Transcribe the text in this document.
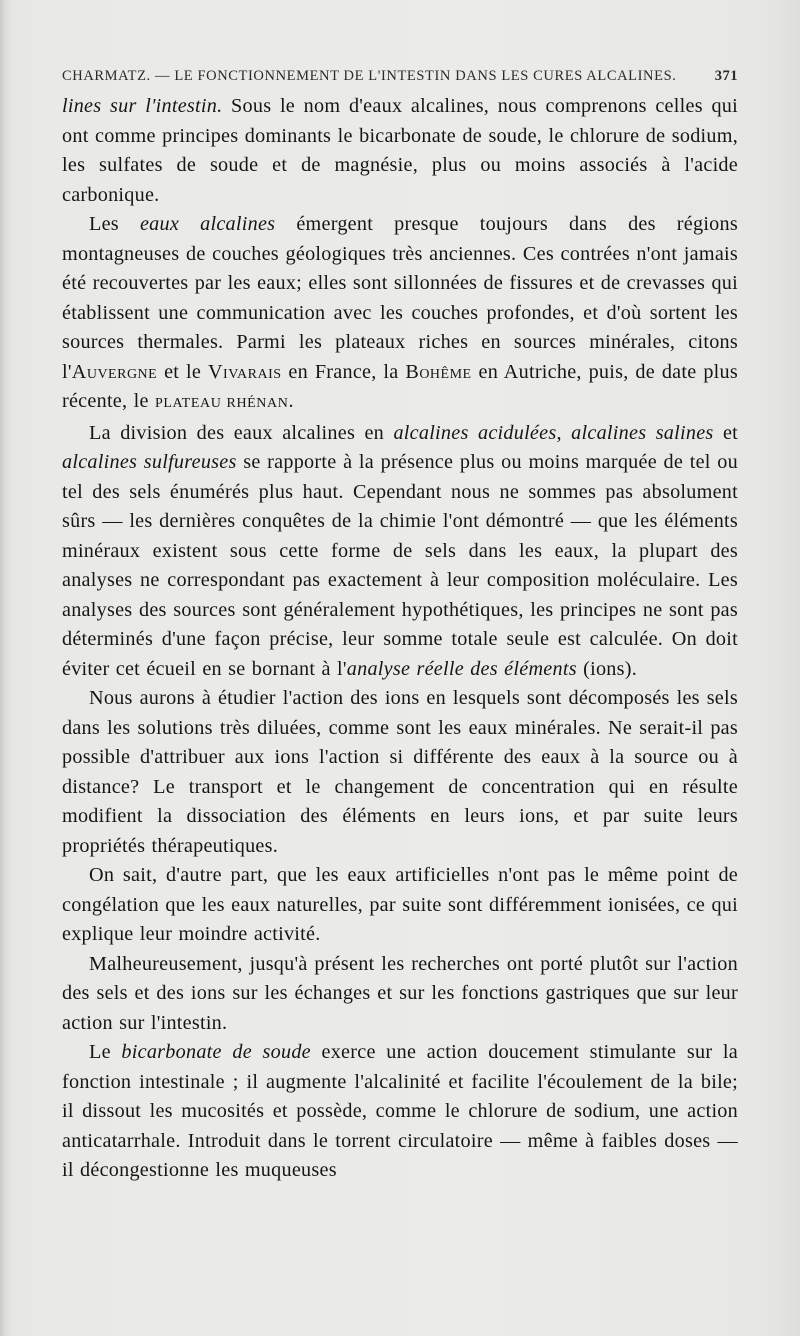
CHARMATZ. — LE FONCTIONNEMENT DE L'INTESTIN DANS LES CURES ALCALINES.	371

lines sur l'intestin. Sous le nom d'eaux alcalines, nous comprenons celles qui ont comme principes dominants le bicarbonate de soude, le chlorure de sodium, les sulfates de soude et de magnésie, plus ou moins associés à l'acide carbonique.

Les eaux alcalines émergent presque toujours dans des régions montagneuses de couches géologiques très anciennes. Ces contrées n'ont jamais été recouvertes par les eaux; elles sont sillonnées de fissures et de crevasses qui établissent une communication avec les couches profondes, et d'où sortent les sources thermales. Parmi les plateaux riches en sources minérales, citons l'Auvergne et le Vivarais en France, la Bohême en Autriche, puis, de date plus récente, le PLATEAU RHÉNAN.

La division des eaux alcalines en alcalines acidulées, alcalines salines et alcalines sulfureuses se rapporte à la présence plus ou moins marquée de tel ou tel des sels énumérés plus haut. Cependant nous ne sommes pas absolument sûrs — les dernières conquêtes de la chimie l'ont démontré — que les éléments minéraux existent sous cette forme de sels dans les eaux, la plupart des analyses ne correspondant pas exactement à leur composition moléculaire. Les analyses des sources sont généralement hypothétiques, les principes ne sont pas déterminés d'une façon précise, leur somme totale seule est calculée. On doit éviter cet écueil en se bornant à l'analyse réelle des éléments (ions).

Nous aurons à étudier l'action des ions en lesquels sont décomposés les sels dans les solutions très diluées, comme sont les eaux minérales. Ne serait-il pas possible d'attribuer aux ions l'action si différente des eaux à la source ou à distance? Le transport et le changement de concentration qui en résulte modifient la dissociation des éléments en leurs ions, et par suite leurs propriétés thérapeutiques.

On sait, d'autre part, que les eaux artificielles n'ont pas le même point de congélation que les eaux naturelles, par suite sont différemment ionisées, ce qui explique leur moindre activité.

Malheureusement, jusqu'à présent les recherches ont porté plutôt sur l'action des sels et des ions sur les échanges et sur les fonctions gastriques que sur leur action sur l'intestin.

Le bicarbonate de soude exerce une action doucement stimulante sur la fonction intestinale ; il augmente l'alcalinité et facilite l'écoulement de la bile; il dissout les mucosités et possède, comme le chlorure de sodium, une action anticatarrhale. Introduit dans le torrent circulatoire — même à faibles doses — il décongestionne les muqueuses
